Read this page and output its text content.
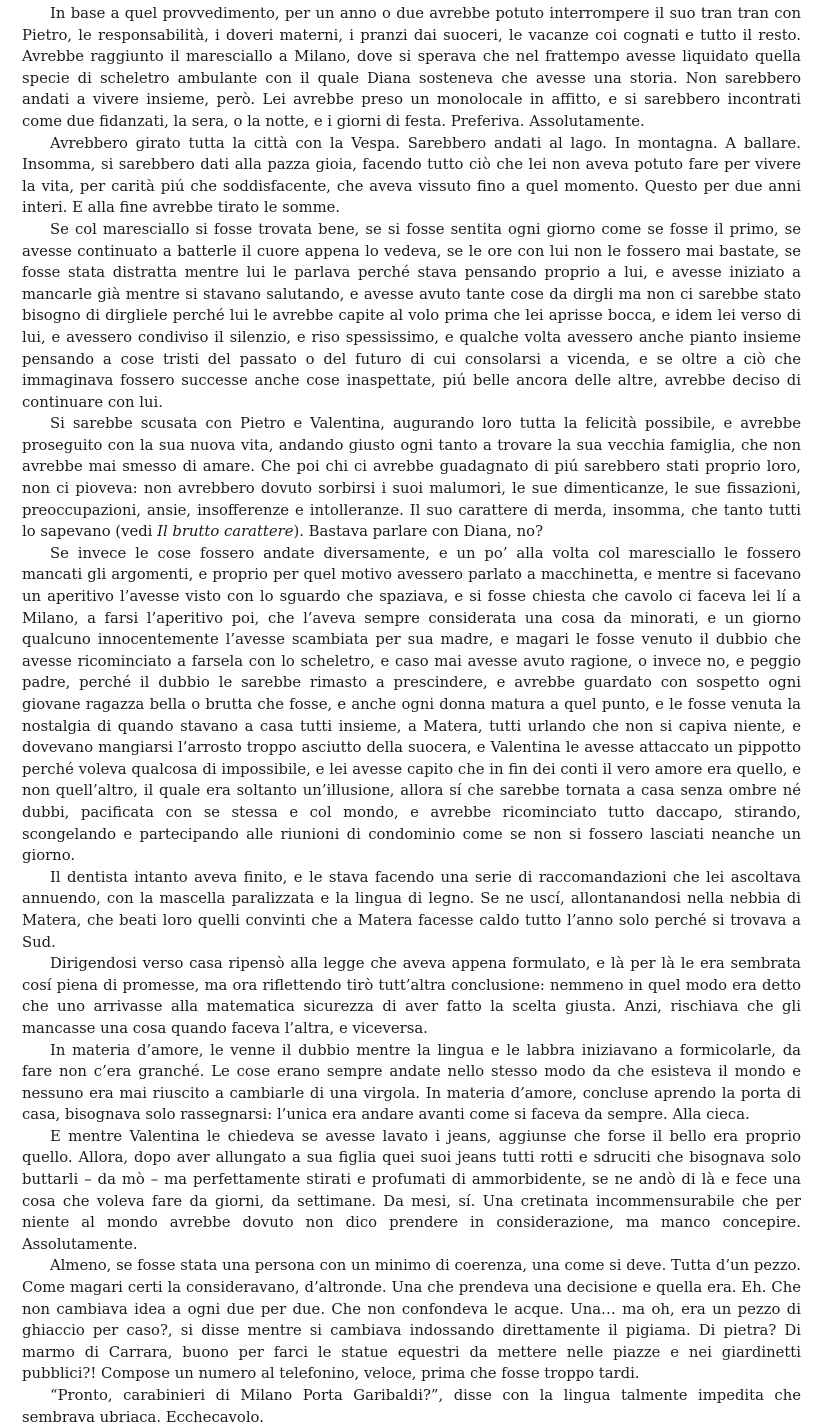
In base a quel provvedimento, per un anno o due avrebbe potuto interrompere il suo tran tran con Pietro, le responsabilità, i doveri materni, i pranzi dai suoceri, le vacanze coi cognati e tutto il resto. Avrebbe raggiunto il maresciallo a Milano, dove si sperava che nel frattempo avesse liquidato quella specie di scheletro ambulante con il quale Diana sosteneva che avesse una storia. Non sarebbero andati a vivere insieme, però. Lei avrebbe preso un monolocale in affitto, e si sarebbero incontrati come due fidanzati, la sera, o la notte, e i giorni di festa. Preferiva. Assolutamente.

Avrebbero girato tutta la città con la Vespa. Sarebbero andati al lago. In montagna. A ballare. Insomma, si sarebbero dati alla pazza gioia, facendo tutto ciò che lei non aveva potuto fare per vivere la vita, per carità piú che soddisfacente, che aveva vissuto fino a quel momento. Questo per due anni interi. E alla fine avrebbe tirato le somme.

Se col maresciallo si fosse trovata bene, se si fosse sentita ogni giorno come se fosse il primo, se avesse continuato a batterle il cuore appena lo vedeva, se le ore con lui non le fossero mai bastate, se fosse stata distratta mentre lui le parlava perché stava pensando proprio a lui, e avesse iniziato a mancarle già mentre si stavano salutando, e avesse avuto tante cose da dirgli ma non ci sarebbe stato bisogno di dirgliele perché lui le avrebbe capite al volo prima che lei aprisse bocca, e idem lei verso di lui, e avessero condiviso il silenzio, e riso spessissimo, e qualche volta avessero anche pianto insieme pensando a cose tristi del passato o del futuro di cui consolarsi a vicenda, e se oltre a ciò che immaginava fossero successe anche cose inaspettate, piú belle ancora delle altre, avrebbe deciso di continuare con lui.

Si sarebbe scusata con Pietro e Valentina, augurando loro tutta la felicità possibile, e avrebbe proseguito con la sua nuova vita, andando giusto ogni tanto a trovare la sua vecchia famiglia, che non avrebbe mai smesso di amare. Che poi chi ci avrebbe guadagnato di piú sarebbero stati proprio loro, non ci pioveva: non avrebbero dovuto sorbirsi i suoi malumori, le sue dimenticanze, le sue fissazioni, preoccupazioni, ansie, insofferenze e intolleranze. Il suo carattere di merda, insomma, che tanto tutti lo sapevano (vedi Il brutto carattere). Bastava parlare con Diana, no?

Se invece le cose fossero andate diversamente, e un po’ alla volta col maresciallo le fossero mancati gli argomenti, e proprio per quel motivo avessero parlato a macchinetta, e mentre si facevano un aperitivo l’avesse visto con lo sguardo che spaziava, e si fosse chiesta che cavolo ci faceva lei lí a Milano, a farsi l’aperitivo poi, che l’aveva sempre considerata una cosa da minorati, e un giorno qualcuno innocentemente l’avesse scambiata per sua madre, e magari le fosse venuto il dubbio che avesse ricominciato a farsela con lo scheletro, e caso mai avesse avuto ragione, o invece no, e peggio padre, perché il dubbio le sarebbe rimasto a prescindere, e avrebbe guardato con sospetto ogni giovane ragazza bella o brutta che fosse, e anche ogni donna matura a quel punto, e le fosse venuta la nostalgia di quando stavano a casa tutti insieme, a Matera, tutti urlando che non si capiva niente, e dovevano mangiarsi l’arrosto troppo asciutto della suocera, e Valentina le avesse attaccato un pippotto perché voleva qualcosa di impossibile, e lei avesse capito che in fin dei conti il vero amore era quello, e non quell’altro, il quale era soltanto un’illusione, allora sí che sarebbe tornata a casa senza ombre né dubbi, pacificata con se stessa e col mondo, e avrebbe ricominciato tutto daccapo, stirando, scongelando e partecipando alle riunioni di condominio come se non si fossero lasciati neanche un giorno.

Il dentista intanto aveva finito, e le stava facendo una serie di raccomandazioni che lei ascoltava annuendo, con la mascella paralizzata e la lingua di legno. Se ne uscí, allontanandosi nella nebbia di Matera, che beati loro quelli convinti che a Matera facesse caldo tutto l’anno solo perché si trovava a Sud.

Dirigendosi verso casa ripensò alla legge che aveva appena formulato, e là per là le era sembrata cosí piena di promesse, ma ora riflettendo tirò tutt’altra conclusione: nemmeno in quel modo era detto che uno arrivasse alla matematica sicurezza di aver fatto la scelta giusta. Anzi, rischiava che gli mancasse una cosa quando faceva l’altra, e viceversa.

In materia d’amore, le venne il dubbio mentre la lingua e le labbra iniziavano a formicolarle, da fare non c’era granché. Le cose erano sempre andate nello stesso modo da che esisteva il mondo e nessuno era mai riuscito a cambiarle di una virgola. In materia d’amore, concluse aprendo la porta di casa, bisognava solo rassegnarsi: l’unica era andare avanti come si faceva da sempre. Alla cieca.

E mentre Valentina le chiedeva se avesse lavato i jeans, aggiunse che forse il bello era proprio quello. Allora, dopo aver allungato a sua figlia quei suoi jeans tutti rotti e sdruciti che bisognava solo buttarli – da mò – ma perfettamente stirati e profumati di ammorbidente, se ne andò di là e fece una cosa che voleva fare da giorni, da settimane. Da mesi, sí. Una cretinata incommensurabile che per niente al mondo avrebbe dovuto non dico prendere in considerazione, ma manco concepire. Assolutamente.

Almeno, se fosse stata una persona con un minimo di coerenza, una come si deve. Tutta d’un pezzo. Come magari certi la consideravano, d’altronde. Una che prendeva una decisione e quella era. Eh. Che non cambiava idea a ogni due per due. Che non confondeva le acque. Una… ma oh, era un pezzo di ghiaccio per caso?, si disse mentre si cambiava indossando direttamente il pigiama. Di pietra? Di marmo di Carrara, buono per farci le statue equestri da mettere nelle piazze e nei giardinetti pubblici?! Compose un numero al telefonino, veloce, prima che fosse troppo tardi.

“Pronto, carabinieri di Milano Porta Garibaldi?”, disse con la lingua talmente impedita che sembrava ubriaca. Ecchecavolo.
